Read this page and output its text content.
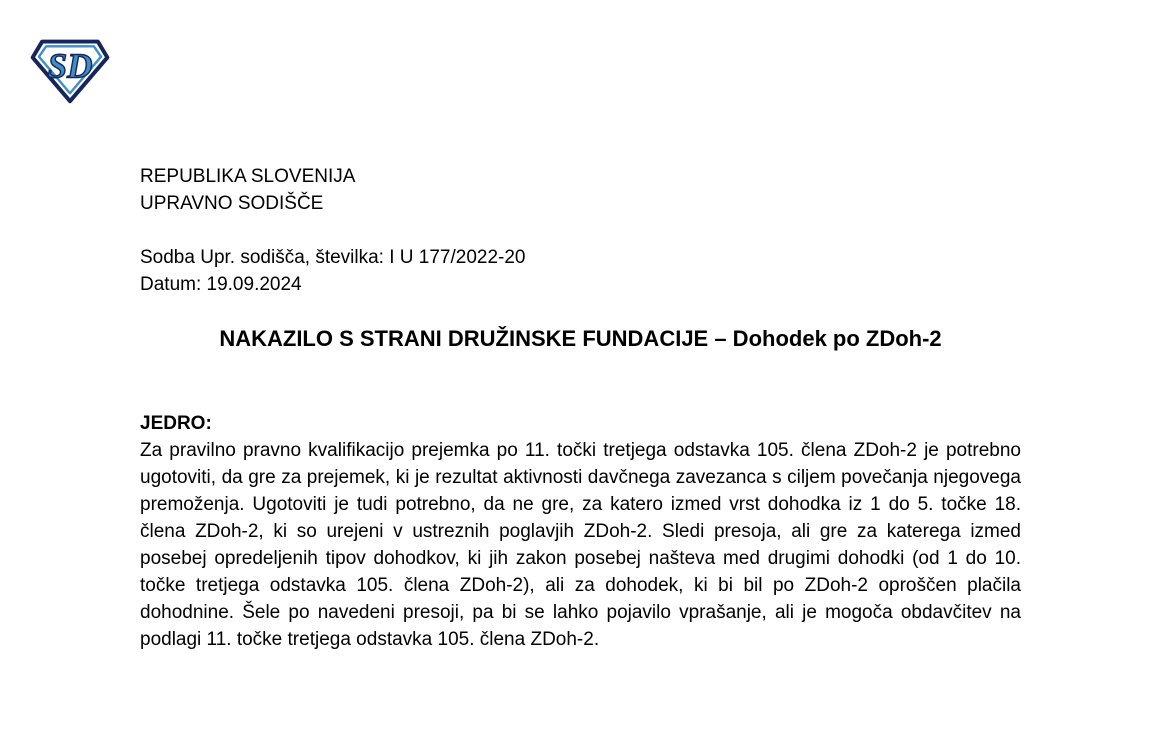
SD
REPUBLIKA SLOVENIJA
UPRAVNO SODIŠČE
Sodba Upr. sodišča, številka: I U 177/2022-20
Datum: 19.09.2024
NAKAZILO S STRANI DRUŽINSKE FUNDACIJE – Dohodek po ZDoh-2
JEDRO:
Za pravilno pravno kvalifikacijo prejemka po 11. točki tretjega odstavka 105. člena ZDoh-2 je potrebno ugotoviti, da gre za prejemek, ki je rezultat aktivnosti davčnega zavezanca s ciljem povečanja njegovega premoženja. Ugotoviti je tudi potrebno, da ne gre, za katero izmed vrst dohodka iz 1 do 5. točke 18. člena ZDoh-2, ki so urejeni v ustreznih poglavjih ZDoh-2. Sledi presoja, ali gre za katerega izmed posebej opredeljenih tipov dohodkov, ki jih zakon posebej našteva med drugimi dohodki (od 1 do 10. točke tretjega odstavka 105. člena ZDoh-2), ali za dohodek, ki bi bil po ZDoh-2 oproščen plačila dohodnine. Šele po navedeni presoji, pa bi se lahko pojavilo vprašanje, ali je mogoča obdavčitev na podlagi 11. točke tretjega odstavka 105. člena ZDoh-2.
